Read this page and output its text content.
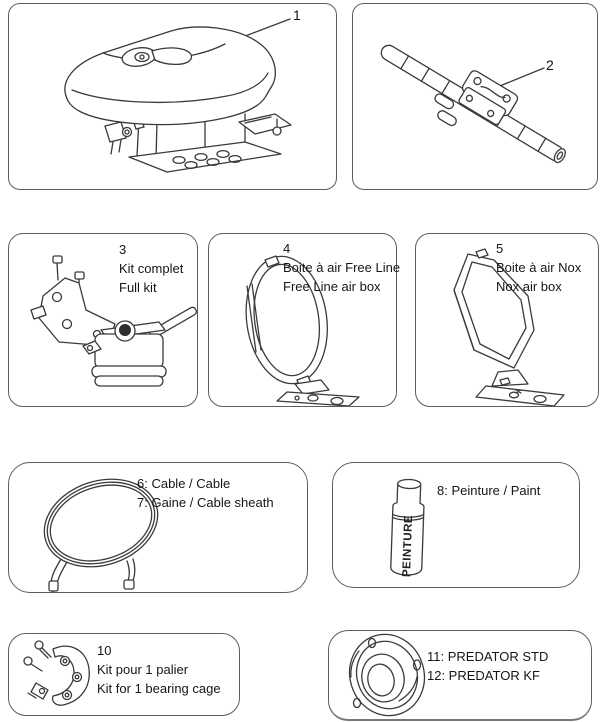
1
2
3
Kit complet
Full kit
4
Boite à air Free Line
Free Line air box
5
Boite à air Nox
Nox air box
6: Cable / Cable
7: Gaine / Cable sheath
PEINTURE
8: Peinture / Paint
10
Kit pour 1 palier
Kit for 1 bearing cage
11: PREDATOR STD
12: PREDATOR KF
